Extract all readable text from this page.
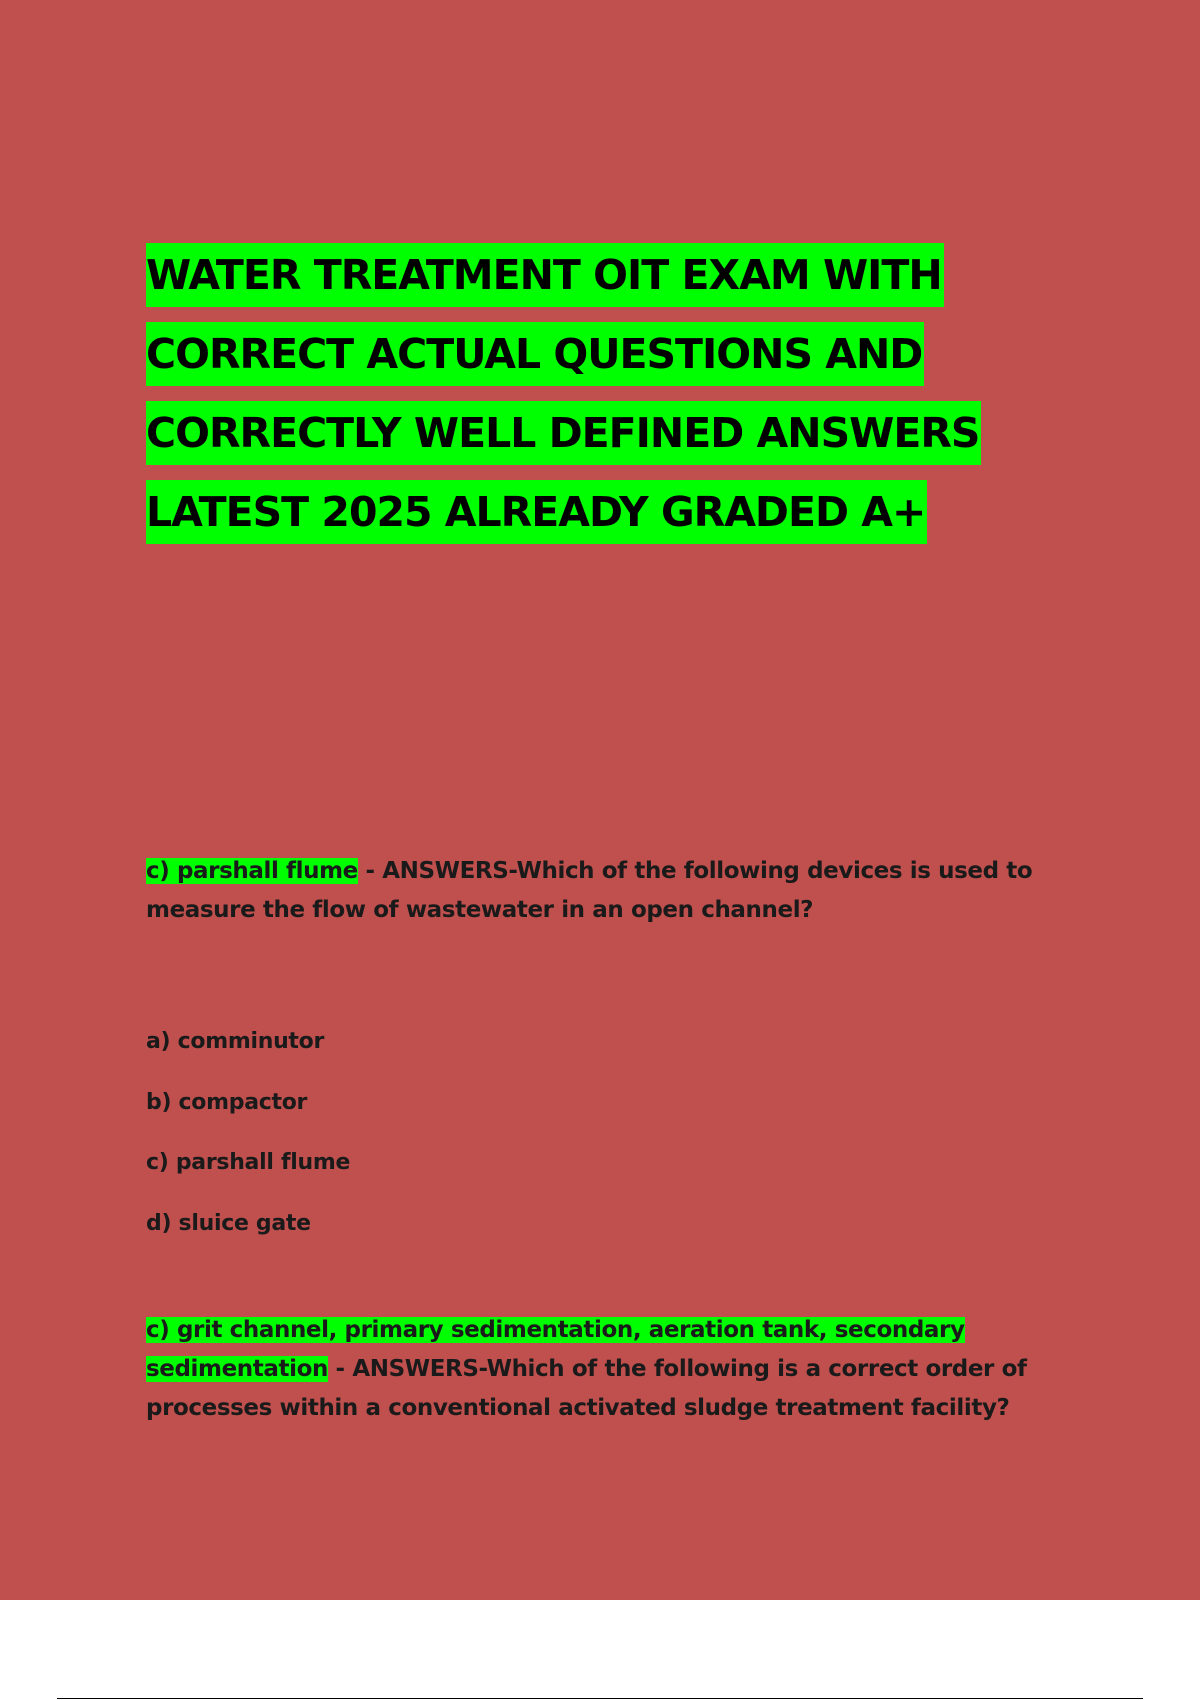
WATER TREATMENT OIT EXAM WITH
CORRECT ACTUAL QUESTIONS AND
CORRECTLY WELL DEFINED ANSWERS
LATEST 2025 ALREADY GRADED A+
c) parshall flume - ANSWERS-Which of the following devices is used to measure the flow of wastewater in an open channel?
a) comminutor
b) compactor
c) parshall flume
d) sluice gate
c) grit channel, primary sedimentation, aeration tank, secondary sedimentation - ANSWERS-Which of the following is a correct order of processes within a conventional activated sludge treatment facility?
